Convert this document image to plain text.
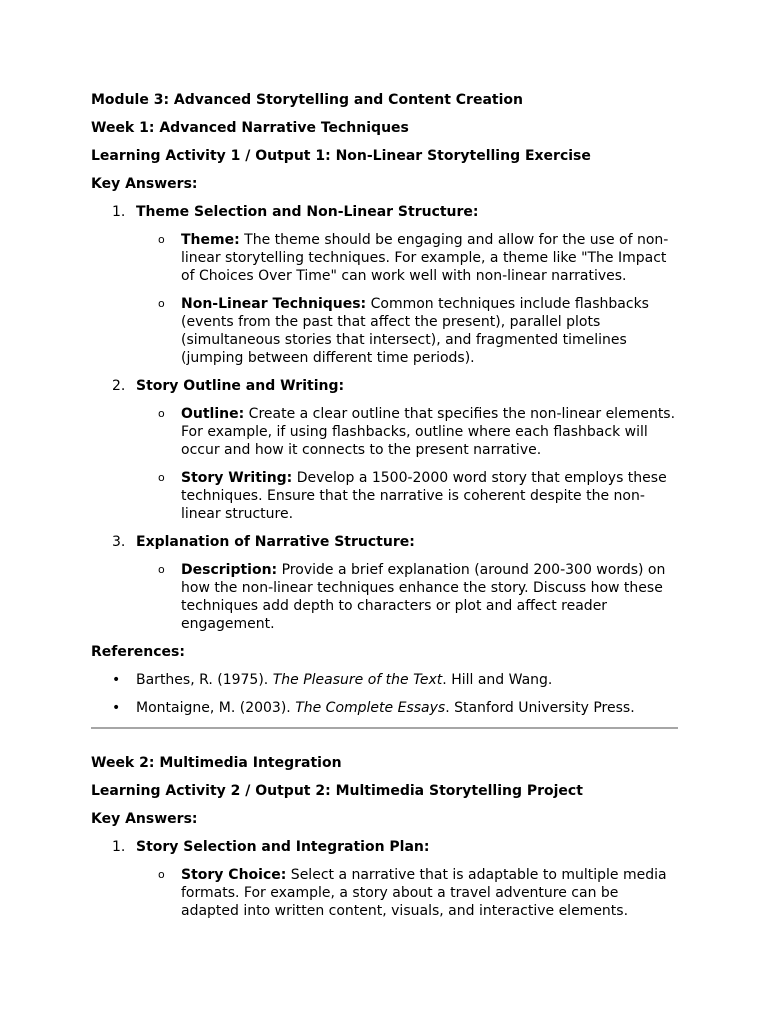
Module 3: Advanced Storytelling and Content Creation

Week 1: Advanced Narrative Techniques

Learning Activity 1 / Output 1: Non-Linear Storytelling Exercise

Key Answers:

1. Theme Selection and Non-Linear Structure:
o Theme: The theme should be engaging and allow for the use of non-linear storytelling techniques. For example, a theme like "The Impact of Choices Over Time" can work well with non-linear narratives.
o Non-Linear Techniques: Common techniques include flashbacks (events from the past that affect the present), parallel plots (simultaneous stories that intersect), and fragmented timelines (jumping between different time periods).
2. Story Outline and Writing:
o Outline: Create a clear outline that specifies the non-linear elements. For example, if using flashbacks, outline where each flashback will occur and how it connects to the present narrative.
o Story Writing: Develop a 1500-2000 word story that employs these techniques. Ensure that the narrative is coherent despite the non-linear structure.
3. Explanation of Narrative Structure:
o Description: Provide a brief explanation (around 200-300 words) on how the non-linear techniques enhance the story. Discuss how these techniques add depth to characters or plot and affect reader engagement.

References:

• Barthes, R. (1975). The Pleasure of the Text. Hill and Wang.
• Montaigne, M. (2003). The Complete Essays. Stanford University Press.

Week 2: Multimedia Integration

Learning Activity 2 / Output 2: Multimedia Storytelling Project

Key Answers:

1. Story Selection and Integration Plan:
o Story Choice: Select a narrative that is adaptable to multiple media formats. For example, a story about a travel adventure can be adapted into written content, visuals, and interactive elements.
